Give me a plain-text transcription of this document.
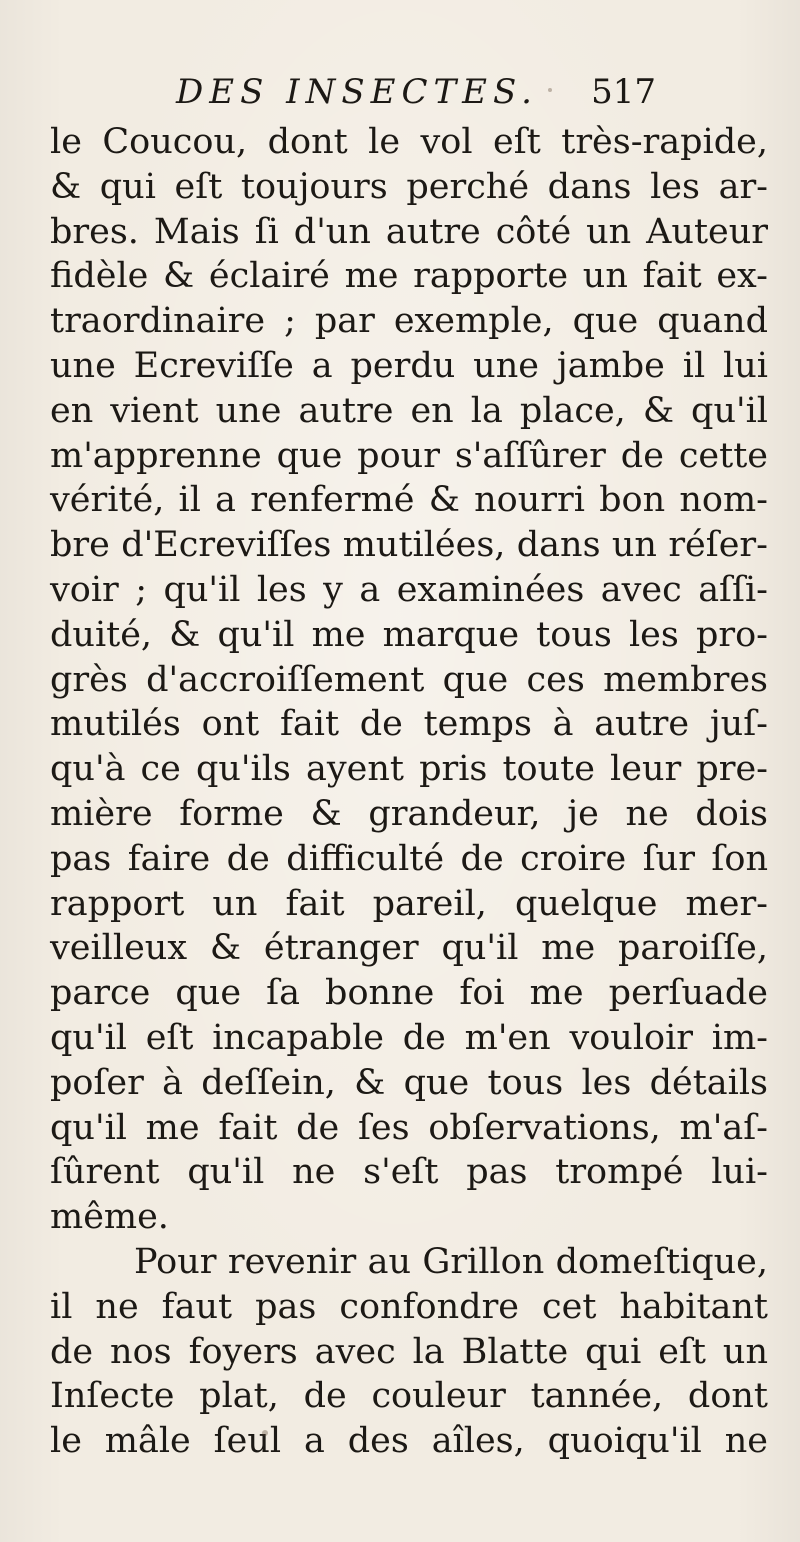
DES INSECTES. 517
le Coucou, dont le vol eſt très-rapide,
& qui eſt toujours perché dans les ar-
bres. Mais ſi d'un autre côté un Auteur
fidèle & éclairé me rapporte un fait ex-
traordinaire ; par exemple, que quand
une Ecreviſſe a perdu une jambe il lui
en vient une autre en la place, & qu'il
m'apprenne que pour s'aſſûrer de cette
vérité, il a renfermé & nourri bon nom-
bre d'Ecreviſſes mutilées, dans un réſer-
voir ; qu'il les y a examinées avec aſſi-
duité, & qu'il me marque tous les pro-
grès d'accroiſſement que ces membres
mutilés ont fait de temps à autre juſ-
qu'à ce qu'ils ayent pris toute leur pre-
mière forme & grandeur, je ne dois
pas faire de difficulté de croire ſur ſon
rapport un fait pareil, quelque mer-
veilleux & étranger qu'il me paroiſſe,
parce que ſa bonne foi me perſuade
qu'il eſt incapable de m'en vouloir im-
poſer à deſſein, & que tous les détails
qu'il me fait de ſes obſervations, m'aſ-
ſûrent qu'il ne s'eſt pas trompé lui-
même.
Pour revenir au Grillon domeſtique,
il ne faut pas confondre cet habitant
de nos foyers avec la Blatte qui eſt un
Inſecte plat, de couleur tannée, dont
le mâle ſeul a des aîles, quoiqu'il ne
